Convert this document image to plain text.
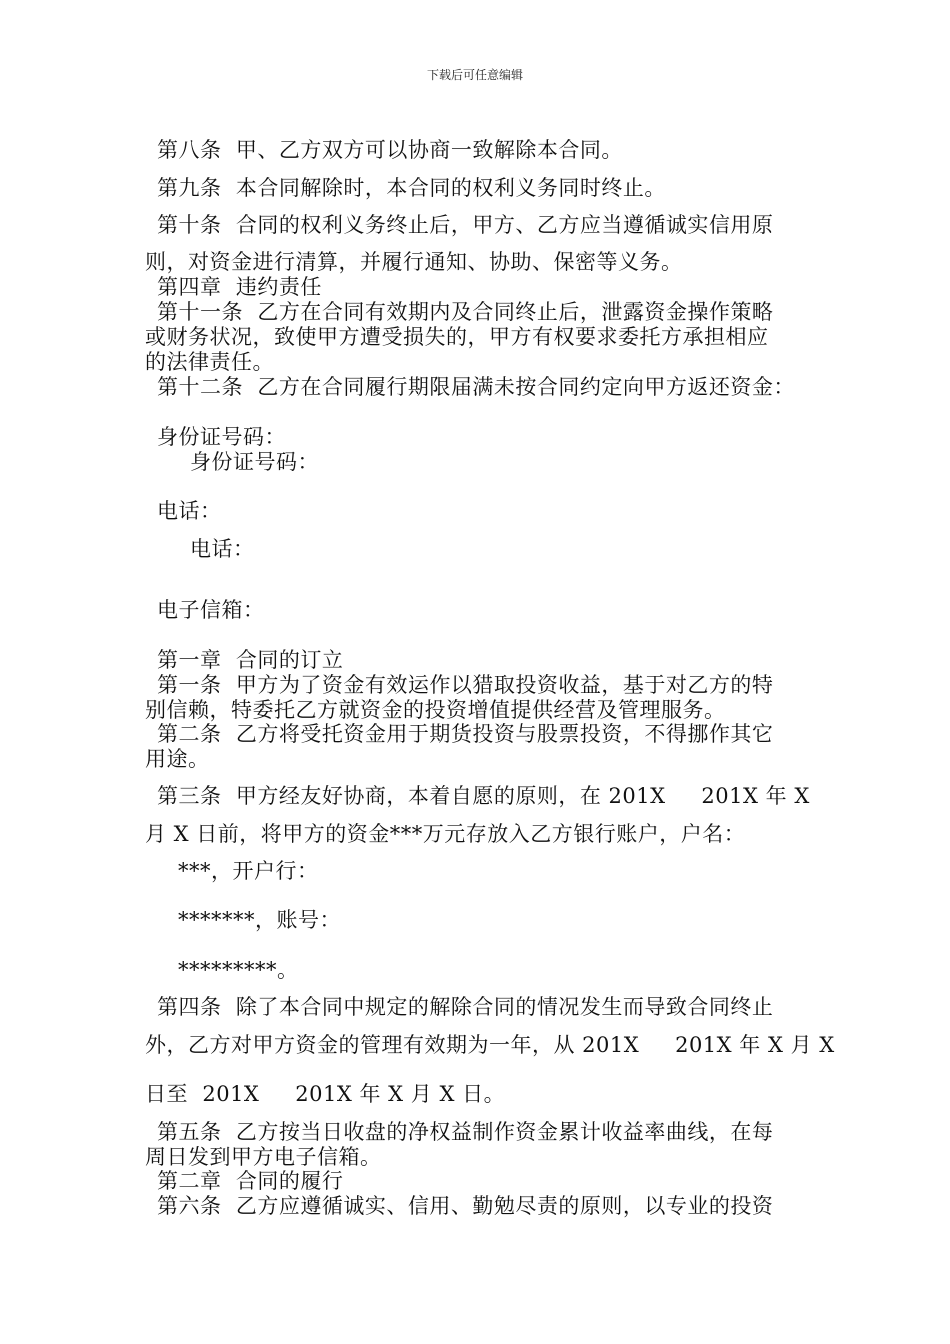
下载后可任意编辑
第八条  甲、乙方双方可以协商一致解除本合同。
第九条  本合同解除时，本合同的权利义务同时终止。
第十条  合同的权利义务终止后，甲方、乙方应当遵循诚实信用原
则，对资金进行清算，并履行通知、协助、保密等义务。
第四章  违约责任
第十一条  乙方在合同有效期内及合同终止后，泄露资金操作策略
或财务状况，致使甲方遭受损失的，甲方有权要求委托方承担相应
的法律责任。
第十二条  乙方在合同履行期限届满未按合同约定向甲方返还资金：
身份证号码：
身份证号码：
电话：
电话：
电子信箱：
第一章  合同的订立
第一条  甲方为了资金有效运作以猎取投资收益，基于对乙方的特
别信赖，特委托乙方就资金的投资增值提供经营及管理服务。
第二条  乙方将受托资金用于期货投资与股票投资，不得挪作其它
用途。
第三条  甲方经友好协商，本着自愿的原则，在 201X     201X 年 X
月 X 日前，将甲方的资金***万元存放入乙方银行账户，户名：
***，开户行：
*******，账号：
*********。
第四条  除了本合同中规定的解除合同的情况发生而导致合同终止
外，乙方对甲方资金的管理有效期为一年，从 201X     201X 年 X 月 X
日至  201X     201X 年 X 月 X 日。
第五条  乙方按当日收盘的净权益制作资金累计收益率曲线，在每
周日发到甲方电子信箱。
第二章  合同的履行
第六条  乙方应遵循诚实、信用、勤勉尽责的原则，以专业的投资
